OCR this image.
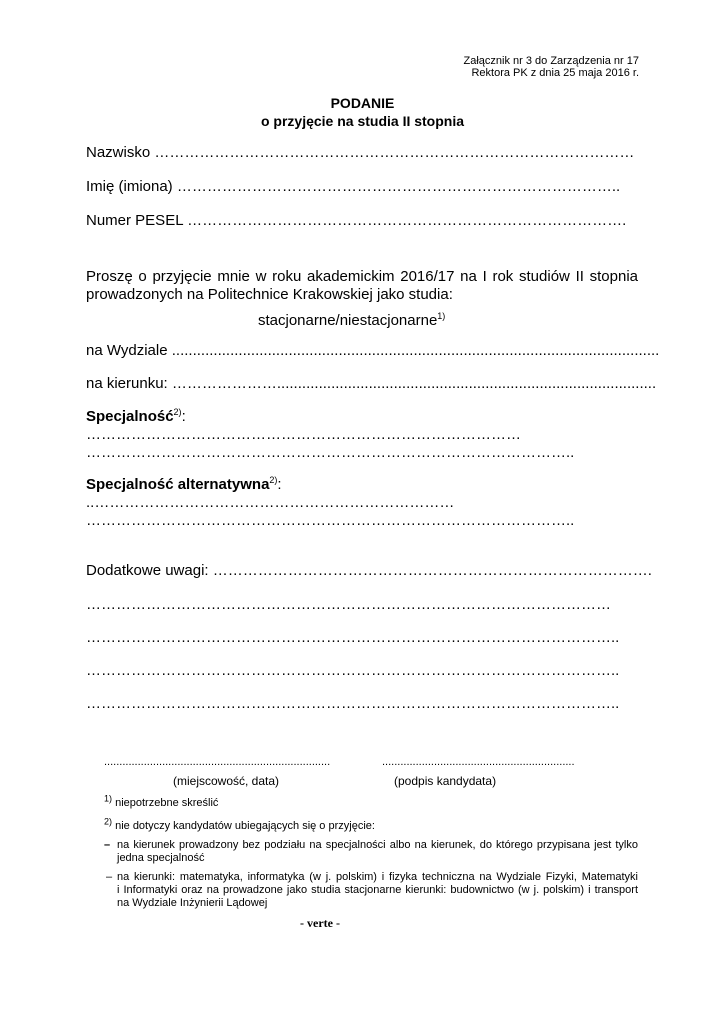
Załącznik nr 3 do Zarządzenia nr 17
Rektora PK z dnia 25 maja 2016 r.
PODANIE
o przyjęcie na studia II stopnia
Nazwisko ……………………………………………………………………………………
Imię (imiona) ……………………………………………………………………………..
Numer PESEL …………………………………………………………………………….
Proszę o przyjęcie mnie w roku akademickim 2016/17 na I rok studiów II stopnia
prowadzonych na Politechnice Krakowskiej jako studia:
stacjonarne/niestacjonarne$^{1)}$
na Wydziale .....................................................................................................................
na kierunku: …………………...........................................................................................
Specjalność$^{2)}$:
……………………………………………………………………………
……………………………………………………………………………………..
Specjalność alternatywna$^{2)}$:
..………………………………………………………………
……………………………………………………………………………………..
Dodatkowe uwagi: …………………………………………………………………………….
……………………………………………………………………………………………
……………………………………………………………………………………………..
……………………………………………………………………………………………..
……………………………………………………………………………………………..
..........................................................................	...............................................................
(miejscowość, data)	(podpis kandydata)
$^{1)}$ niepotrzebne skreślić
$^{2)}$ nie dotyczy kandydatów ubiegających się o przyjęcie:
– na kierunek prowadzony bez podziału na specjalności albo na kierunek, do którego przypisana jest tylko
jedna specjalność
– na kierunki: matematyka, informatyka (w j. polskim) i fizyka techniczna na Wydziale Fizyki, Matematyki
i Informatyki oraz na prowadzone jako studia stacjonarne kierunki: budownictwo (w j. polskim) i transport
na Wydziale Inżynierii Lądowej
- verte -
